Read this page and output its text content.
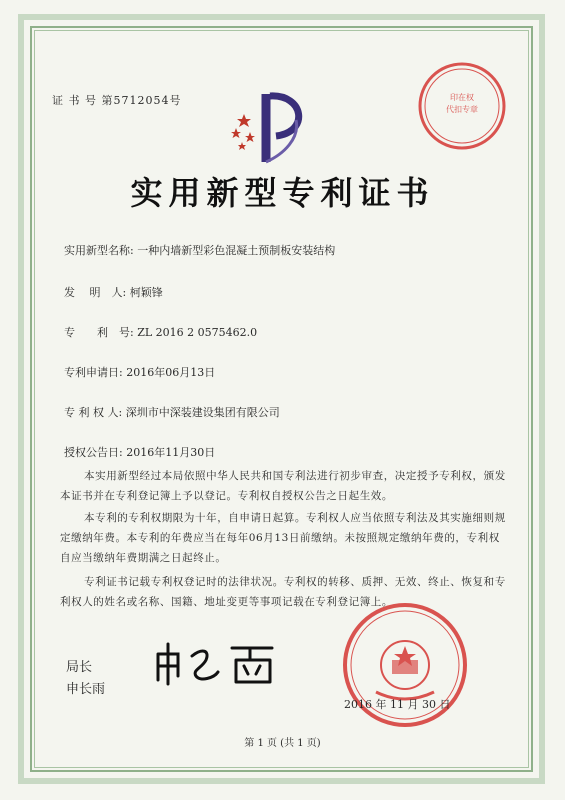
证 书 号 第5712054号
实用新型专利证书
实用新型名称: 一种内墙新型彩色混凝土预制板安装结构
发　 明　人: 柯颖锋
专　　利　号: ZL 2016 2 0575462.0
专利申请日: 2016年06月13日
专 利 权 人: 深圳市中深装建设集团有限公司
授权公告日: 2016年11月30日
本实用新型经过本局依照中华人民共和国专利法进行初步审查，决定授予专利权，颁发本证书并在专利登记簿上予以登记。专利权自授权公告之日起生效。
本专利的专利权期限为十年，自申请日起算。专利权人应当依照专利法及其实施细则规定缴纳年费。本专利的年费应当在每年06月13日前缴纳。未按照规定缴纳年费的，专利权自应当缴纳年费期满之日起终止。
专利证书记载专利权登记时的法律状况。专利权的转移、质押、无效、终止、恢复和专利权人的姓名或名称、国籍、地址变更等事项记载在专利登记簿上。
印在权
代扣专章
局长
申长雨
2016 年 11 月 30 日
第 1 页 (共 1 页)
